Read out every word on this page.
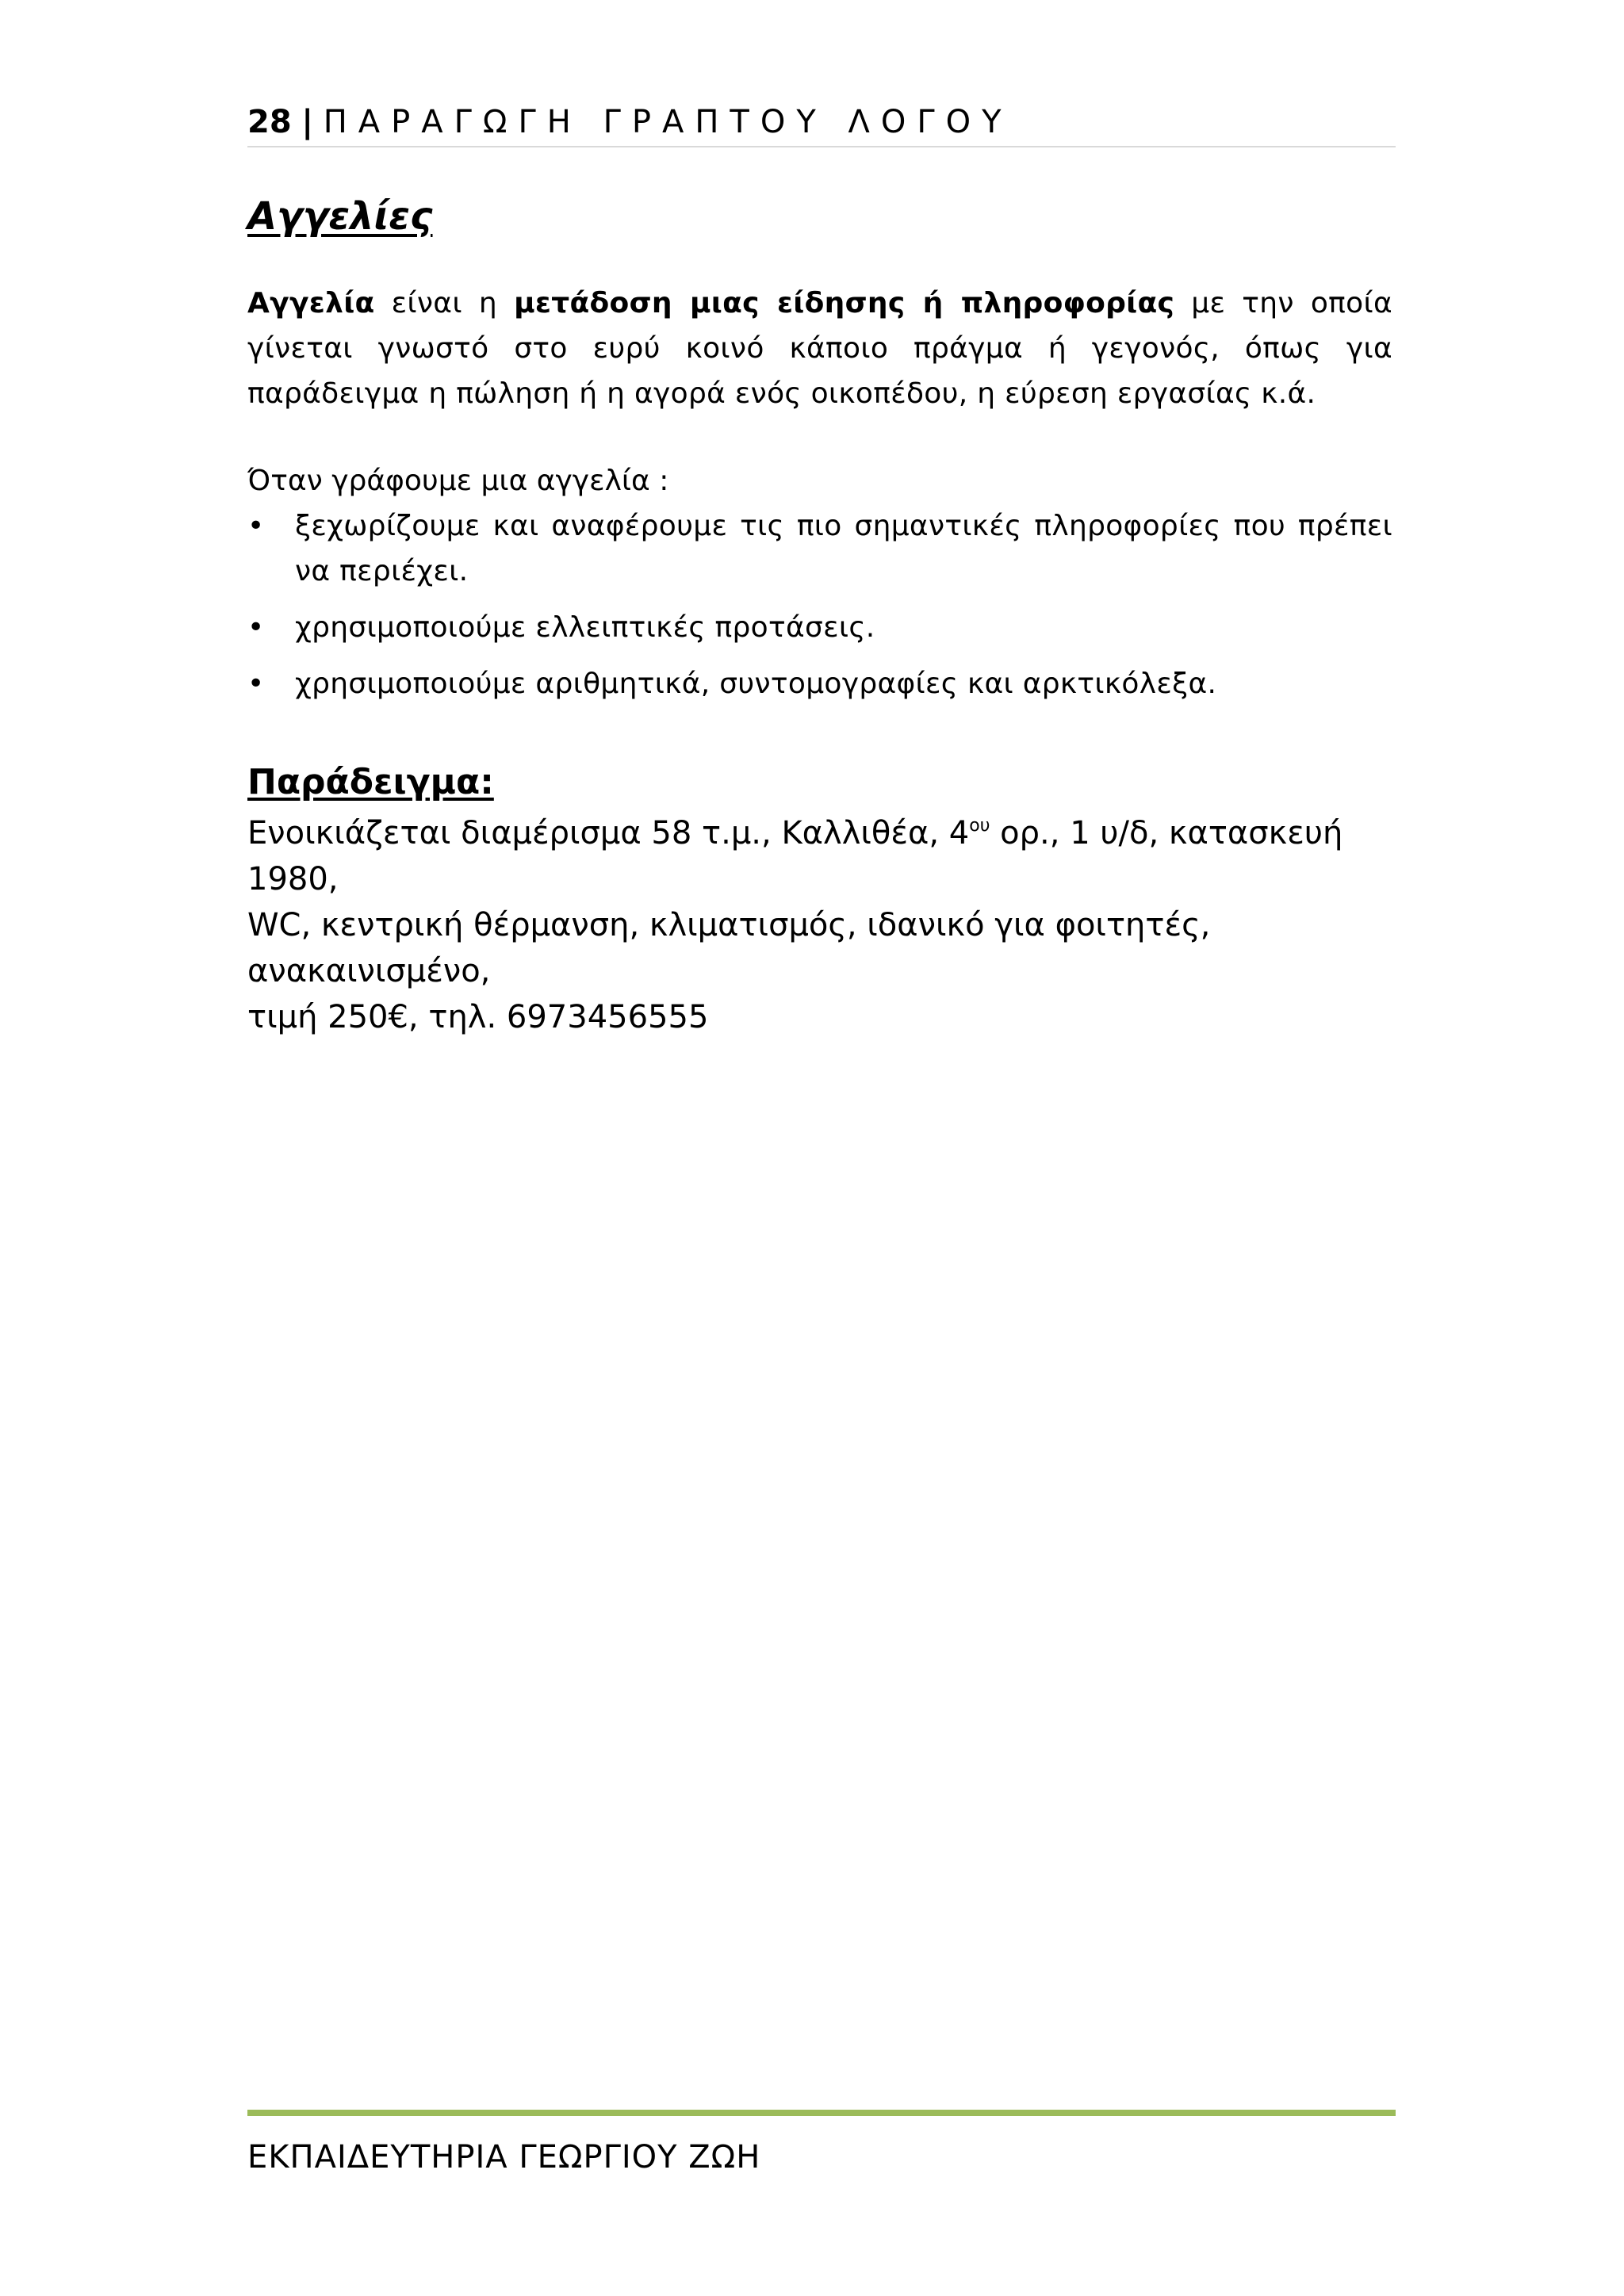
28 | ΠΑΡΑΓΩΓΗ ΓΡΑΠΤΟΥ ΛΟΓΟΥ
Αγγελίες

Αγγελία είναι η μετάδοση μιας είδησης ή πληροφορίας με την οποία γίνεται γνωστό στο ευρύ κοινό κάποιο πράγμα ή γεγονός, όπως για παράδειγμα η πώληση ή η αγορά ενός οικοπέδου, η εύρεση εργασίας κ.ά.

Όταν γράφουμε μια αγγελία :

• ξεχωρίζουμε και αναφέρουμε τις πιο σημαντικές πληροφορίες που πρέπει να περιέχει.
• χρησιμοποιούμε ελλειπτικές προτάσεις.
• χρησιμοποιούμε αριθμητικά, συντομογραφίες και αρκτικόλεξα.
Παράδειγμα:
Ενοικιάζεται διαμέρισμα 58 τ.μ., Καλλιθέα, $4^{o\upsilon}$ ορ., 1 υ/δ, κατασκευή 1980,
WC, κεντρική θέρμανση, κλιματισμός, ιδανικό για φοιτητές, ανακαινισμένο,
τιμή 250€, τηλ. 6973456555

ΕΚΠΑΙΔΕΥΤΗΡΙΑ ΓΕΩΡΓΙΟΥ ΖΩΗ
